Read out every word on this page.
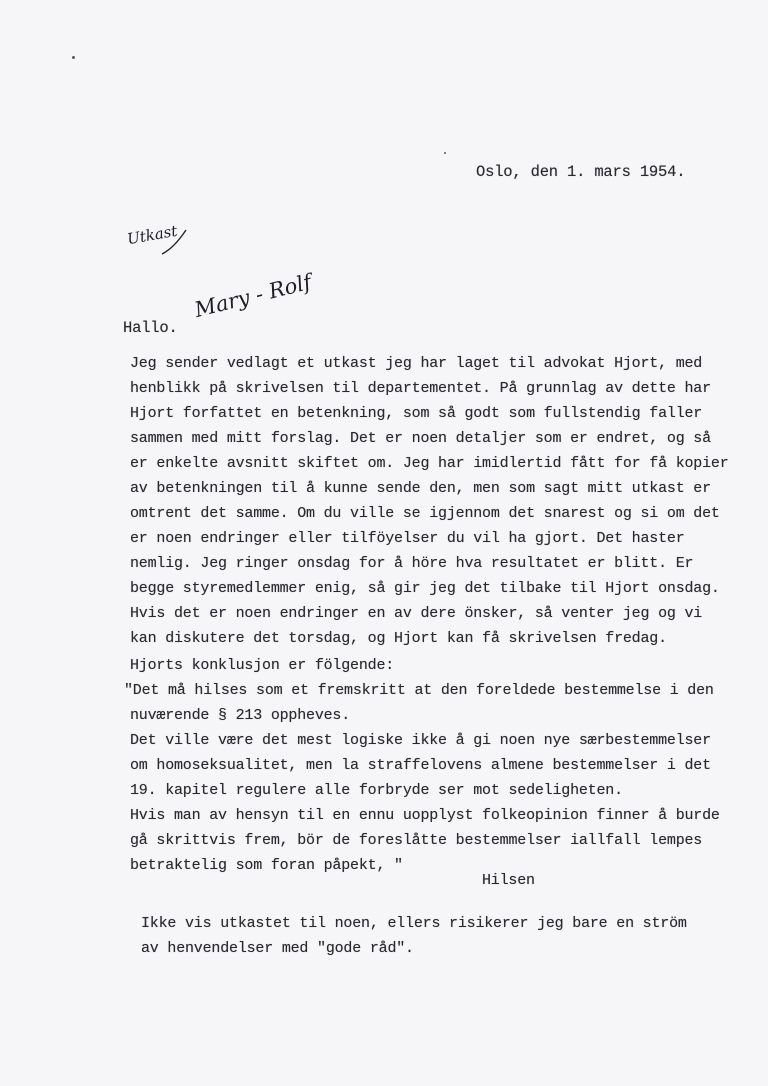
Oslo, den 1. mars 1954.
Utkast
Hallo.
Mary - Rolf
Jeg sender vedlagt et utkast jeg har laget til advokat Hjort, med
henblikk på skrivelsen til departementet. På grunnlag av dette har
Hjort forfattet en betenkning, som så godt som fullstendig faller
sammen med mitt forslag. Det er noen detaljer som er endret, og så
er enkelte avsnitt skiftet om. Jeg har imidlertid fått for få kopier
av betenkningen til å kunne sende den, men som sagt mitt utkast er
omtrent det samme. Om du ville se igjennom det snarest og si om det
er noen endringer eller tilföyelser du vil ha gjort. Det haster
nemlig. Jeg ringer onsdag for å höre hva resultatet er blitt. Er
begge styremedlemmer enig, så gir jeg det tilbake til Hjort onsdag.
Hvis det er noen endringer en av dere önsker, så venter jeg og vi
kan diskutere det torsdag, og Hjort kan få skrivelsen fredag.
Hjorts konklusjon er fölgende:
"Det må hilses som et fremskritt at den foreldede bestemmelse i den
nuværende § 213 oppheves.
Det ville være det mest logiske ikke å gi noen nye særbestemmelser
om homoseksualitet, men la straffelovens almene bestemmelser i det
19. kapitel regulere alle forbryde ser mot sedeligheten.
Hvis man av hensyn til en ennu uopplyst folkeopinion finner å burde
gå skrittvis frem, bör de foreslåtte bestemmelser iallfall lempes
betraktelig som foran påpekt, "
Hilsen
Ikke vis utkastet til noen, ellers risikerer jeg bare en ström
av henvendelser med "gode råd".
